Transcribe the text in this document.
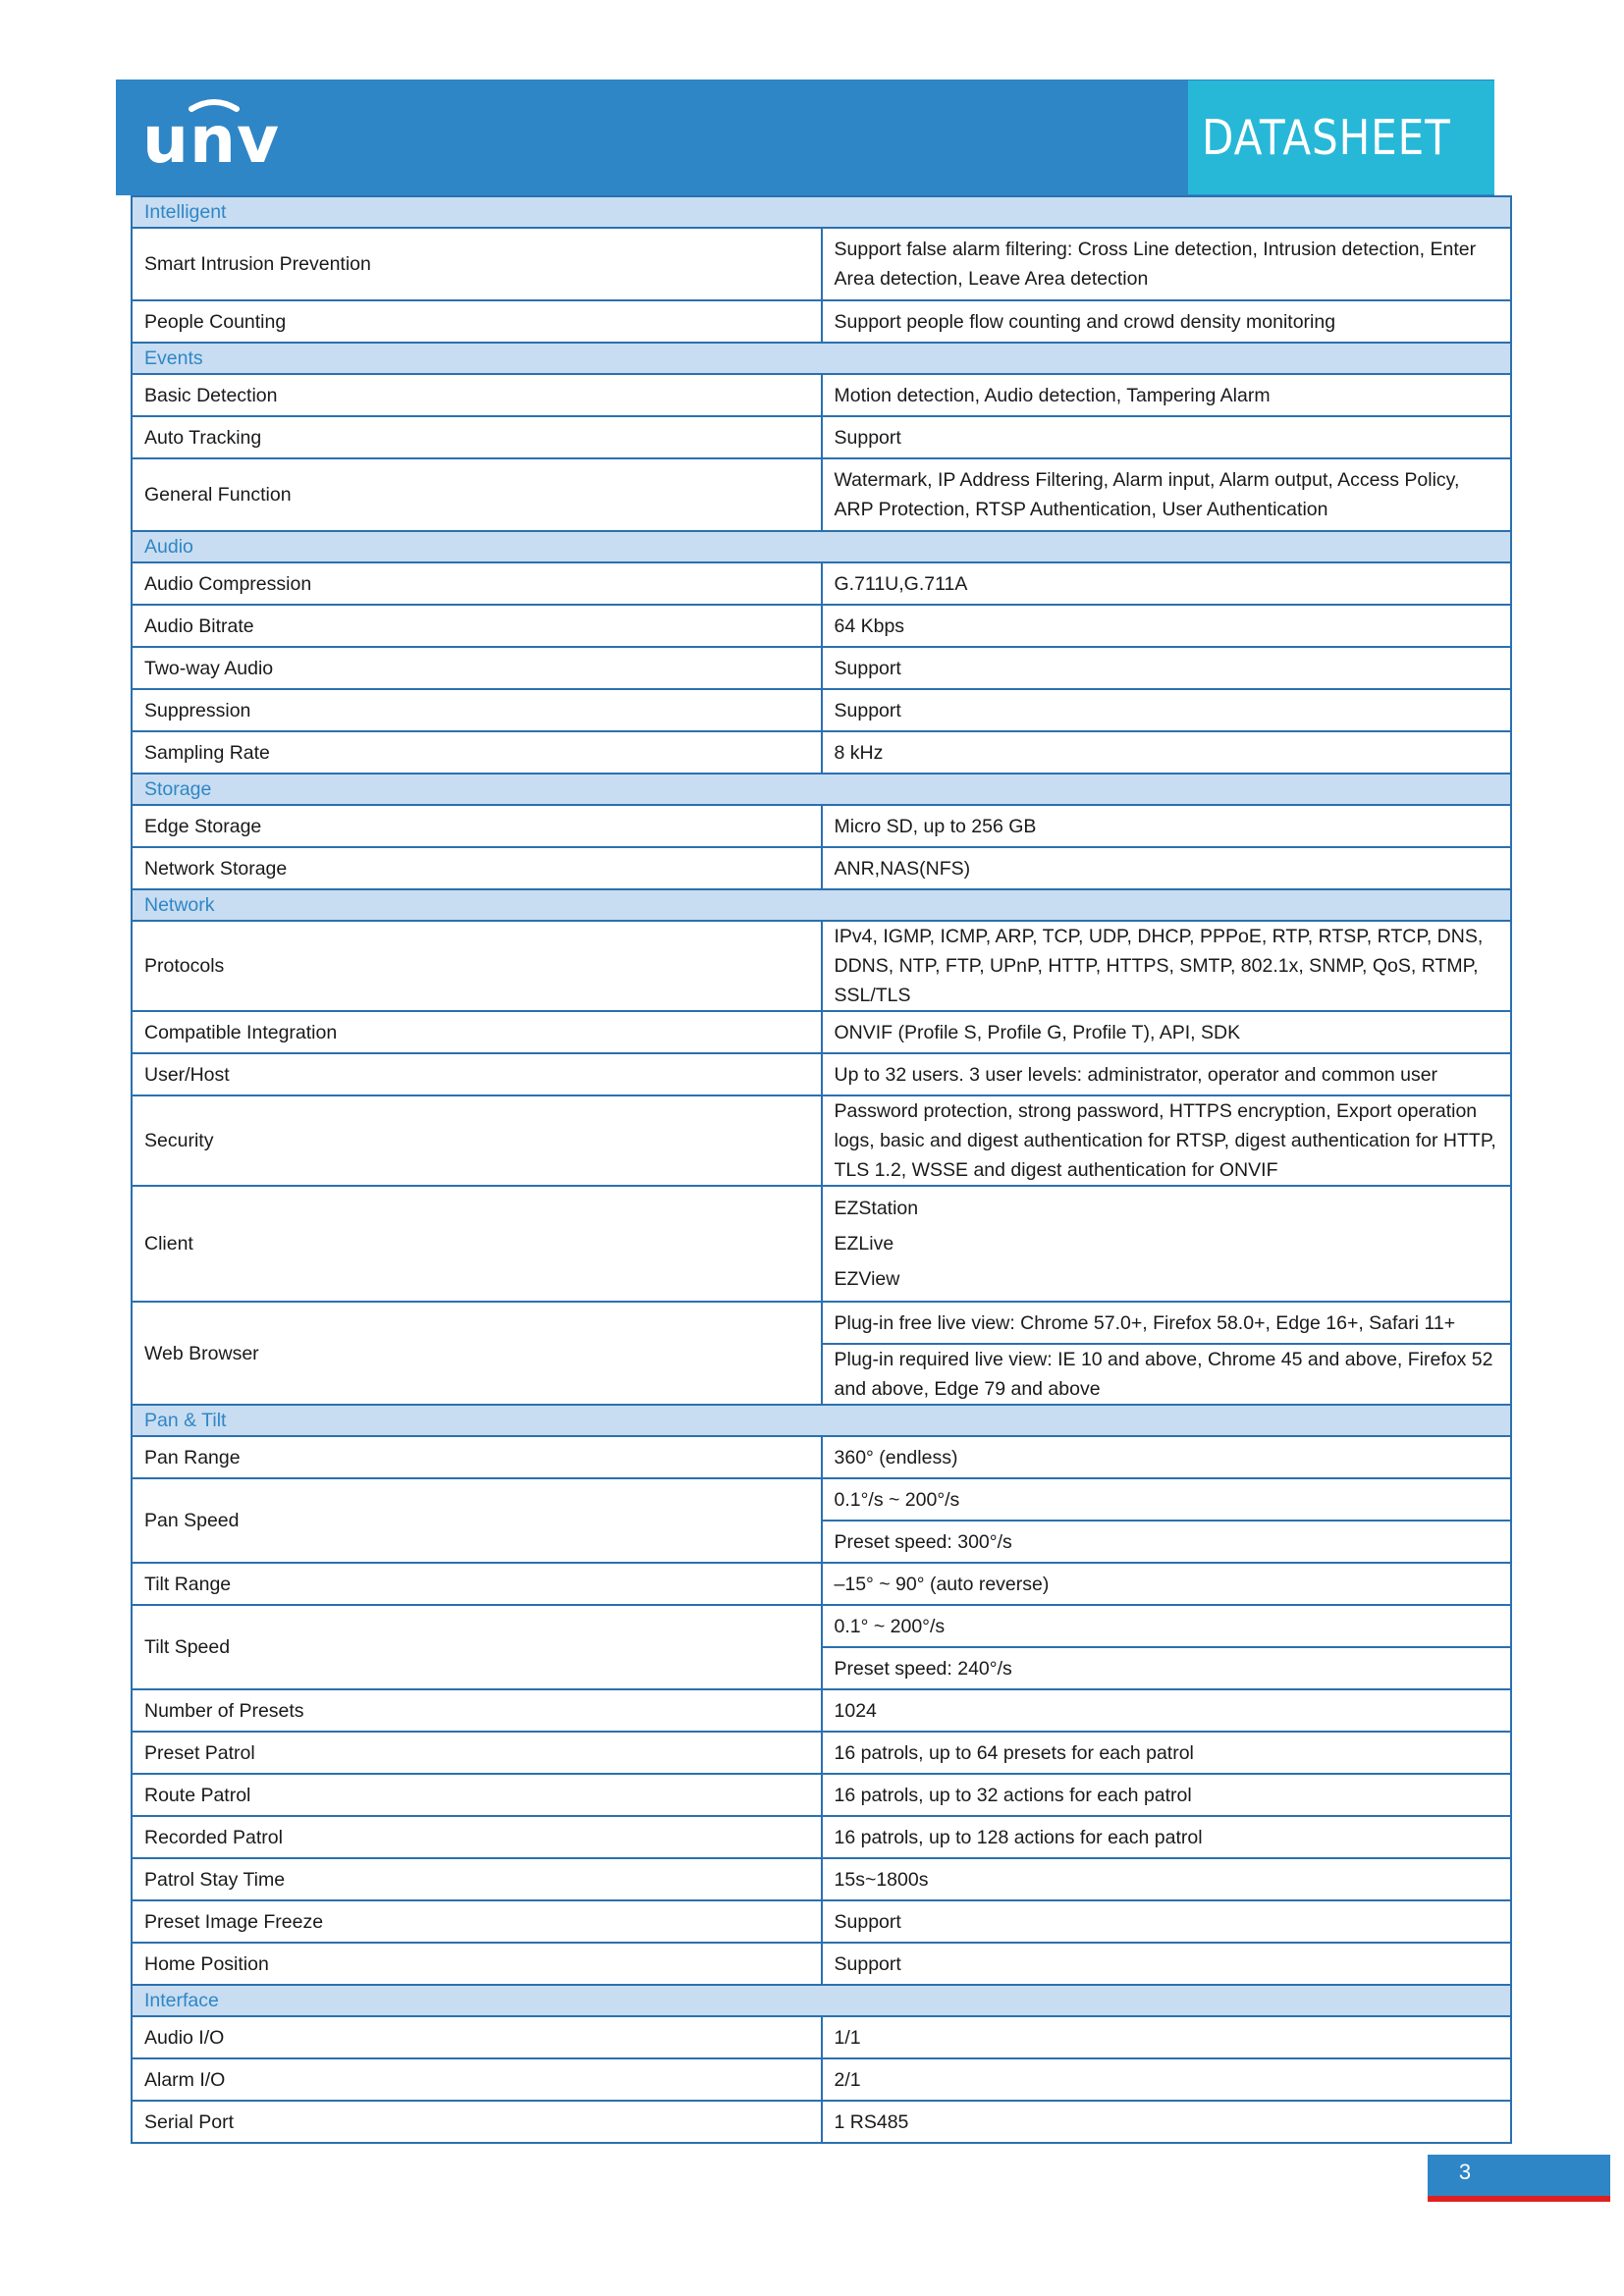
unv	DATASHEET
Intelligent	
Smart Intrusion Prevention	Support false alarm filtering: Cross Line detection, Intrusion detection, Enter Area detection, Leave Area detection
People Counting	Support people flow counting and crowd density monitoring
Events	
Basic Detection	Motion detection, Audio detection, Tampering Alarm
Auto Tracking	Support
General Function	Watermark, IP Address Filtering, Alarm input, Alarm output, Access Policy, ARP Protection, RTSP Authentication, User Authentication
Audio	
Audio Compression	G.711U,G.711A
Audio Bitrate	64 Kbps
Two-way Audio	Support
Suppression	Support
Sampling Rate	8 kHz
Storage	
Edge Storage	Micro SD, up to 256 GB
Network Storage	ANR,NAS(NFS)
Network	
Protocols	IPv4, IGMP, ICMP, ARP, TCP, UDP, DHCP, PPPoE, RTP, RTSP, RTCP, DNS, DDNS, NTP, FTP, UPnP, HTTP, HTTPS, SMTP, 802.1x, SNMP, QoS, RTMP, SSL/TLS
Compatible Integration	ONVIF (Profile S, Profile G, Profile T), API, SDK
User/Host	Up to 32 users. 3 user levels: administrator, operator and common user
Security	Password protection, strong password, HTTPS encryption, Export operation logs, basic and digest authentication for RTSP, digest authentication for HTTP, TLS 1.2, WSSE and digest authentication for ONVIF
Client	EZStation
EZLive
EZView

Web Browser	Plug-in free live view: Chrome 57.0+, Firefox 58.0+, Edge 16+, Safari 11+
	Plug-in required live view: IE 10 and above, Chrome 45 and above, Firefox 52 and above, Edge 79 and above
Pan & Tilt	
Pan Range	360° (endless)
Pan Speed	0.1°/s ~ 200°/s
	Preset speed: 300°/s
Tilt Range	–15° ~ 90° (auto reverse)
Tilt Speed	0.1° ~ 200°/s
	Preset speed: 240°/s
Number of Presets	1024
Preset Patrol	16 patrols, up to 64 presets for each patrol
Route Patrol	16 patrols, up to 32 actions for each patrol
Recorded Patrol	16 patrols, up to 128 actions for each patrol
Patrol Stay Time	15s~1800s
Preset Image Freeze	Support
Home Position	Support
Interface	
Audio I/O	1/1
Alarm I/O	2/1
Serial Port	1 RS485
3
